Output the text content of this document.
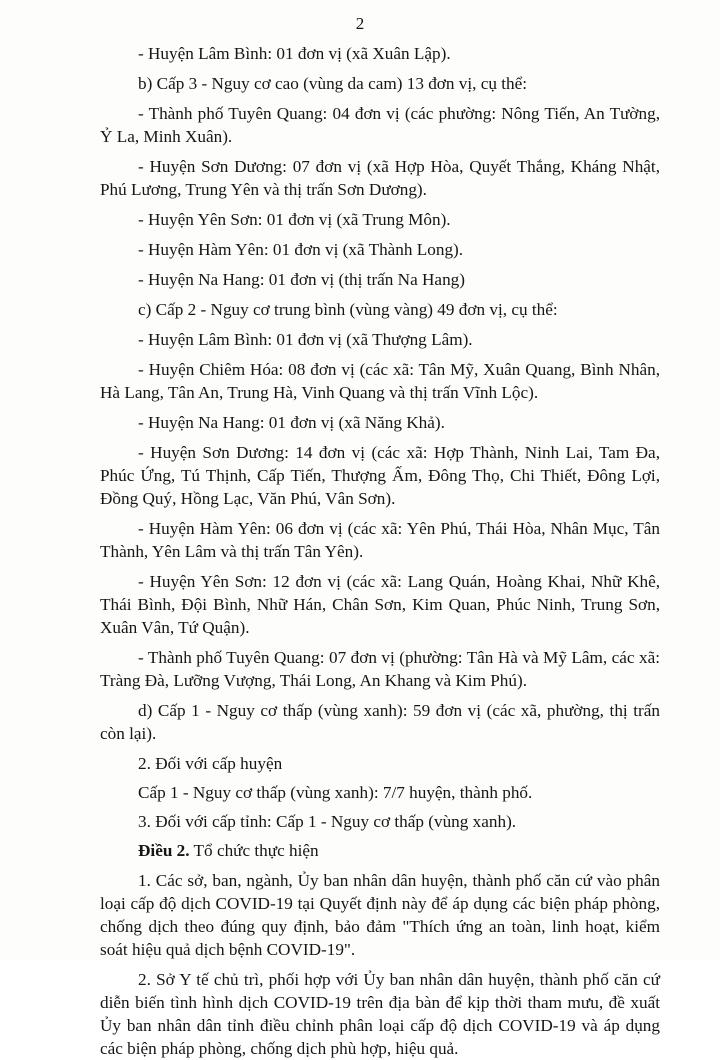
2

- Huyện Lâm Bình: 01 đơn vị (xã Xuân Lập).

b) Cấp 3 - Nguy cơ cao (vùng da cam) 13 đơn vị, cụ thể:

- Thành phố Tuyên Quang: 04 đơn vị (các phường: Nông Tiến, An Tường, Ỷ La, Minh Xuân).

- Huyện Sơn Dương: 07 đơn vị (xã Hợp Hòa, Quyết Thắng, Kháng Nhật, Phú Lương, Trung Yên và thị trấn Sơn Dương).

- Huyện Yên Sơn: 01 đơn vị (xã Trung Môn).

- Huyện Hàm Yên: 01 đơn vị (xã Thành Long).

- Huyện Na Hang: 01 đơn vị (thị trấn Na Hang)

c) Cấp 2 - Nguy cơ trung bình (vùng vàng) 49 đơn vị, cụ thể:

- Huyện Lâm Bình: 01 đơn vị (xã Thượng Lâm).

- Huyện Chiêm Hóa: 08 đơn vị (các xã: Tân Mỹ, Xuân Quang, Bình Nhân, Hà Lang, Tân An, Trung Hà, Vinh Quang và thị trấn Vĩnh Lộc).

- Huyện Na Hang: 01 đơn vị (xã Năng Khả).

- Huyện Sơn Dương: 14 đơn vị (các xã: Hợp Thành, Ninh Lai, Tam Đa, Phúc Ứng, Tú Thịnh, Cấp Tiến, Thượng Ấm, Đông Thọ, Chi Thiết, Đông Lợi, Đồng Quý, Hồng Lạc, Văn Phú, Vân Sơn).

- Huyện Hàm Yên: 06 đơn vị (các xã: Yên Phú, Thái Hòa, Nhân Mục, Tân Thành, Yên Lâm và thị trấn Tân Yên).

- Huyện Yên Sơn: 12 đơn vị (các xã: Lang Quán, Hoàng Khai, Nhữ Khê, Thái Bình, Đội Bình, Nhữ Hán, Chân Sơn, Kim Quan, Phúc Ninh, Trung Sơn, Xuân Vân, Tứ Quận).

- Thành phố Tuyên Quang: 07 đơn vị (phường: Tân Hà và Mỹ Lâm, các xã: Tràng Đà, Lưỡng Vượng, Thái Long, An Khang và Kim Phú).

d) Cấp 1 - Nguy cơ thấp (vùng xanh): 59 đơn vị (các xã, phường, thị trấn còn lại).

2. Đối với cấp huyện

Cấp 1 - Nguy cơ thấp (vùng xanh): 7/7 huyện, thành phố.

3. Đối với cấp tỉnh: Cấp 1 - Nguy cơ thấp (vùng xanh).

Điều 2. Tổ chức thực hiện

1. Các sở, ban, ngành, Ủy ban nhân dân huyện, thành phố căn cứ vào phân loại cấp độ dịch COVID-19 tại Quyết định này để áp dụng các biện pháp phòng, chống dịch theo đúng quy định, bảo đảm "Thích ứng an toàn, linh hoạt, kiểm soát hiệu quả dịch bệnh COVID-19".

2. Sở Y tế chủ trì, phối hợp với Ủy ban nhân dân huyện, thành phố căn cứ diễn biến tình hình dịch COVID-19 trên địa bàn để kịp thời tham mưu, đề xuất Ủy ban nhân dân tỉnh điều chỉnh phân loại cấp độ dịch COVID-19 và áp dụng các biện pháp phòng, chống dịch phù hợp, hiệu quả.
